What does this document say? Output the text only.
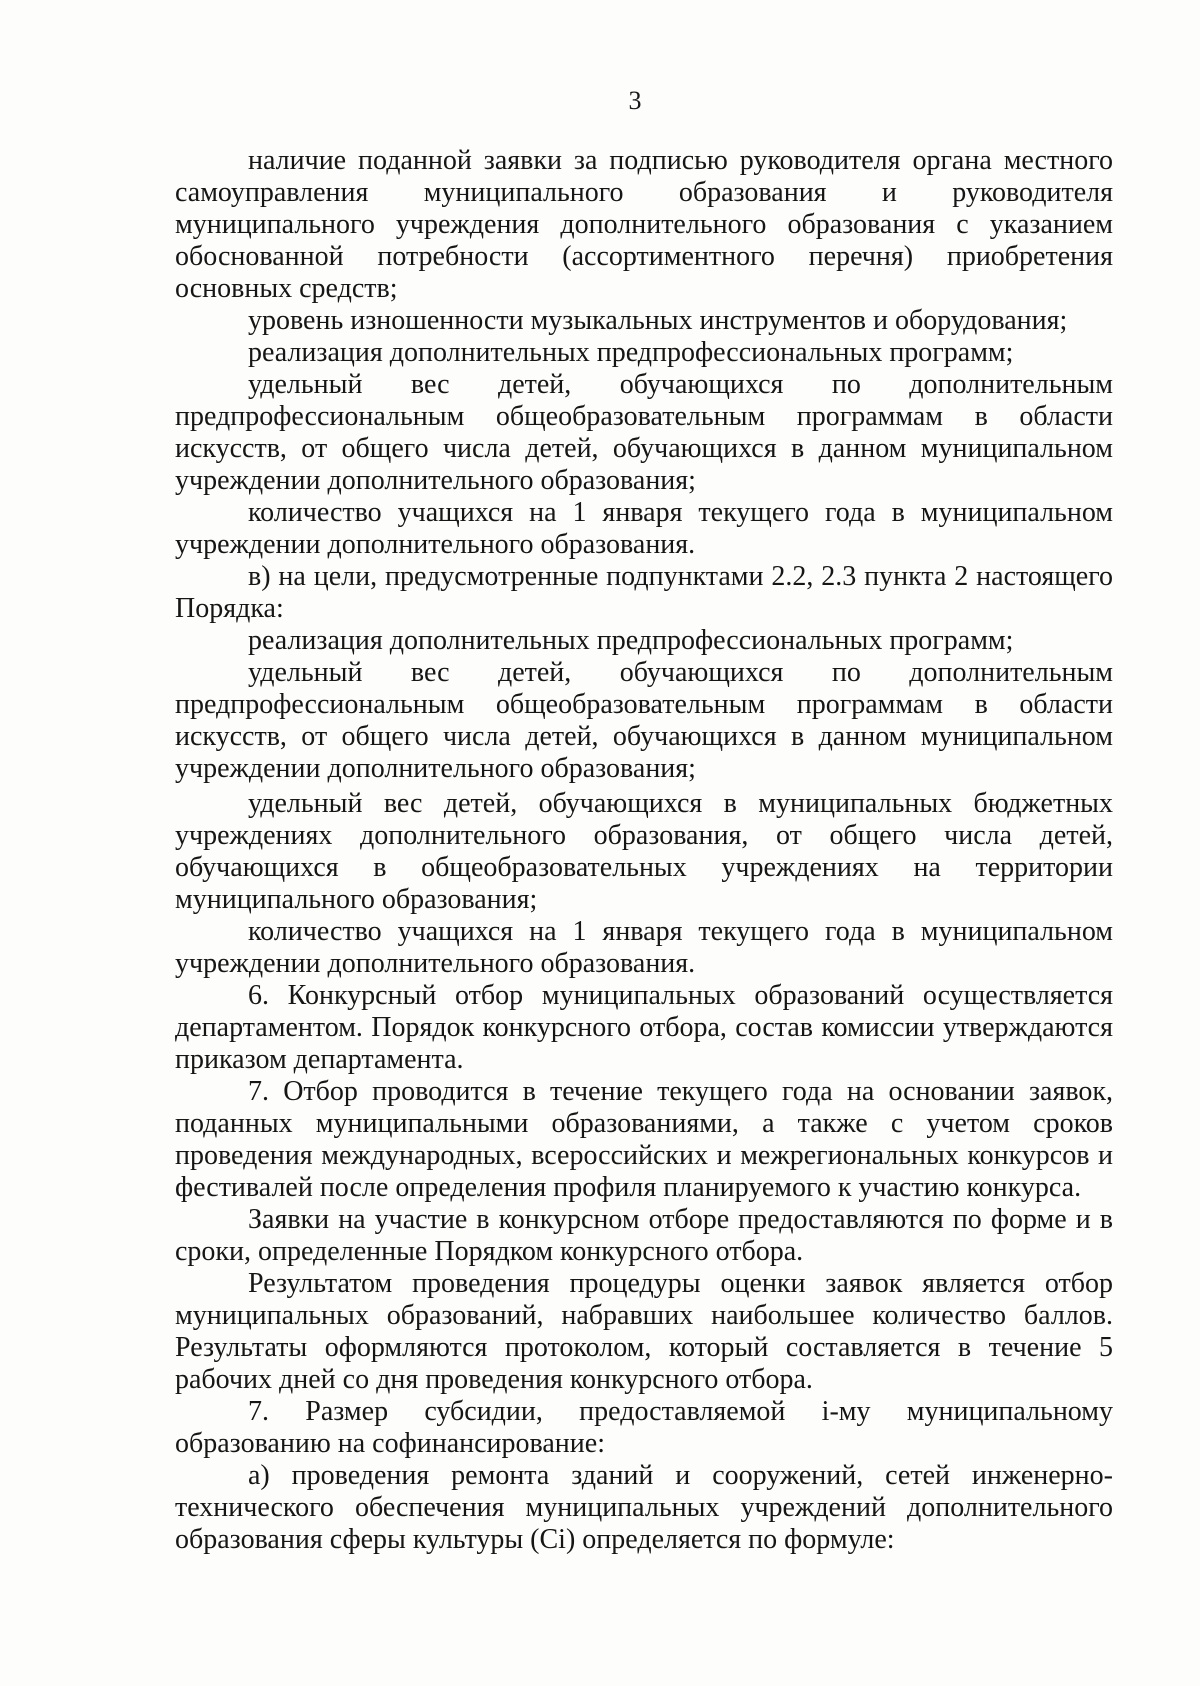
3

наличие поданной заявки за подписью руководителя органа местного самоуправления муниципального образования и руководителя муниципального учреждения дополнительного образования с указанием обоснованной потребности (ассортиментного перечня) приобретения основных средств;

уровень изношенности музыкальных инструментов и оборудования;

реализация дополнительных предпрофессиональных программ;

удельный вес детей, обучающихся по дополнительным предпрофессиональным общеобразовательным программам в области искусств, от общего числа детей, обучающихся в данном муниципальном учреждении дополнительного образования;

количество учащихся на 1 января текущего года в муниципальном учреждении дополнительного образования.

в) на цели, предусмотренные подпунктами 2.2, 2.3 пункта 2 настоящего Порядка:

реализация дополнительных предпрофессиональных программ;

удельный вес детей, обучающихся по дополнительным предпрофессиональным общеобразовательным программам в области искусств, от общего числа детей, обучающихся в данном муниципальном учреждении дополнительного образования;

удельный вес детей, обучающихся в муниципальных бюджетных учреждениях дополнительного образования, от общего числа детей, обучающихся в общеобразовательных учреждениях на территории муниципального образования;

количество учащихся на 1 января текущего года в муниципальном учреждении дополнительного образования.

6. Конкурсный отбор муниципальных образований осуществляется департаментом. Порядок конкурсного отбора, состав комиссии утверждаются приказом департамента.

7. Отбор проводится в течение текущего года на основании заявок, поданных муниципальными образованиями, а также с учетом сроков проведения международных, всероссийских и межрегиональных конкурсов и фестивалей после определения профиля планируемого к участию конкурса.

Заявки на участие в конкурсном отборе предоставляются по форме и в сроки, определенные Порядком конкурсного отбора.

Результатом проведения процедуры оценки заявок является отбор муниципальных образований, набравших наибольшее количество баллов. Результаты оформляются протоколом, который составляется в течение 5 рабочих дней со дня проведения конкурсного отбора.

7. Размер субсидии, предоставляемой i-му муниципальному образованию на софинансирование:

а) проведения ремонта зданий и сооружений, сетей инженерно-технического обеспечения муниципальных учреждений дополнительного образования сферы культуры (Ci) определяется по формуле:
